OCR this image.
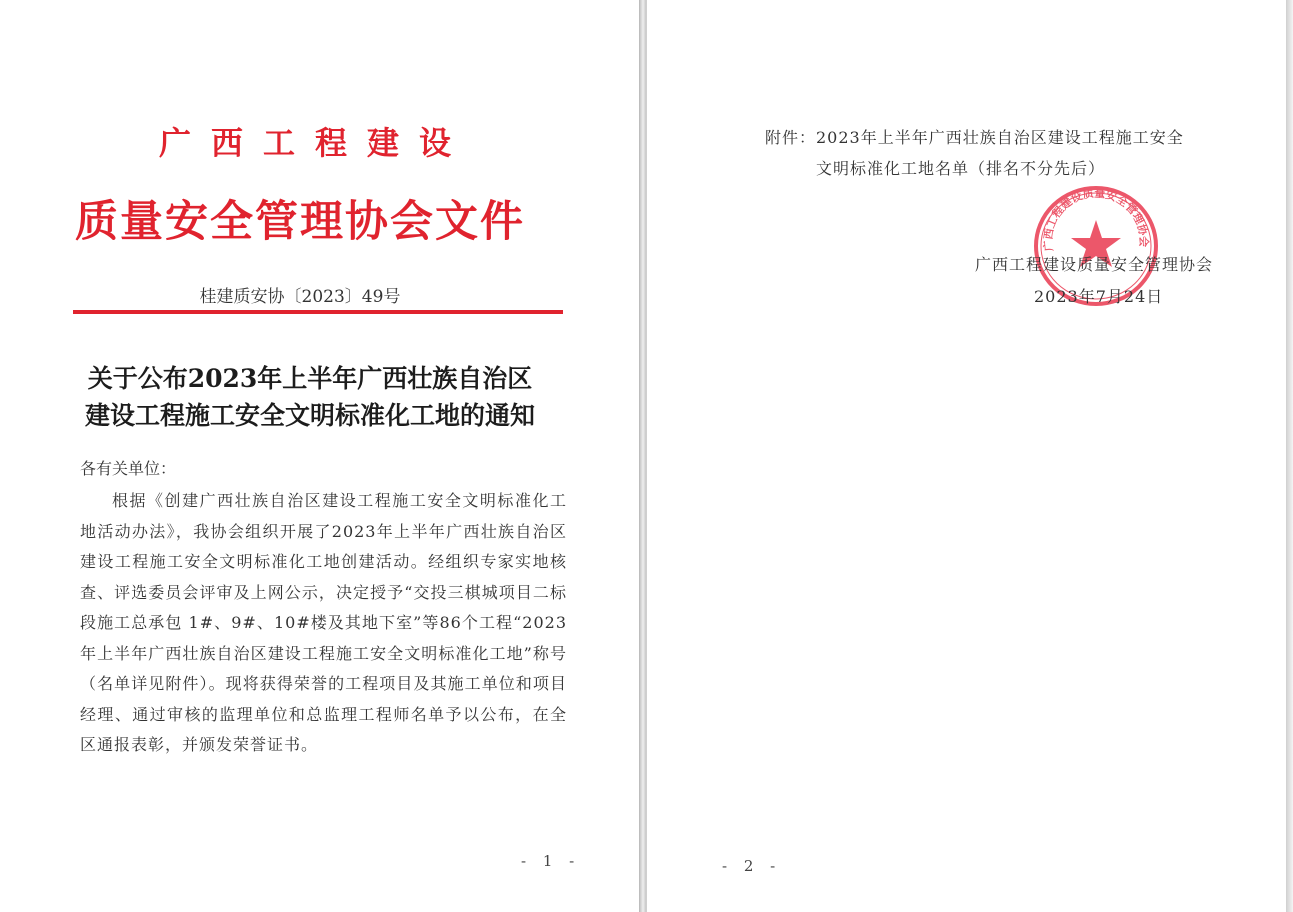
广西工程建设
质量安全管理协会文件
桂建质安协〔2023〕49号
关于公布2023年上半年广西壮族自治区
建设工程施工安全文明标准化工地的通知
各有关单位：
根据《创建广西壮族自治区建设工程施工安全文明标准化工地活动办法》，我协会组织开展了2023年上半年广西壮族自治区建设工程施工安全文明标准化工地创建活动。经组织专家实地核查、评选委员会评审及上网公示，决定授予“交投三棋城项目二标段施工总承包 1#、9#、10#楼及其地下室”等86个工程“2023年上半年广西壮族自治区建设工程施工安全文明标准化工地”称号（名单详见附件）。现将获得荣誉的工程项目及其施工单位和项目经理、通过审核的监理单位和总监理工程师名单予以公布，在全区通报表彰，并颁发荣誉证书。
- 1 -
附件：2023年上半年广西壮族自治区建设工程施工安全
文明标准化工地名单（排名不分先后）
广西工程建设质量安全管理协会
广西工程建设质量安全管理协会
2023年7月24日
- 2 -
